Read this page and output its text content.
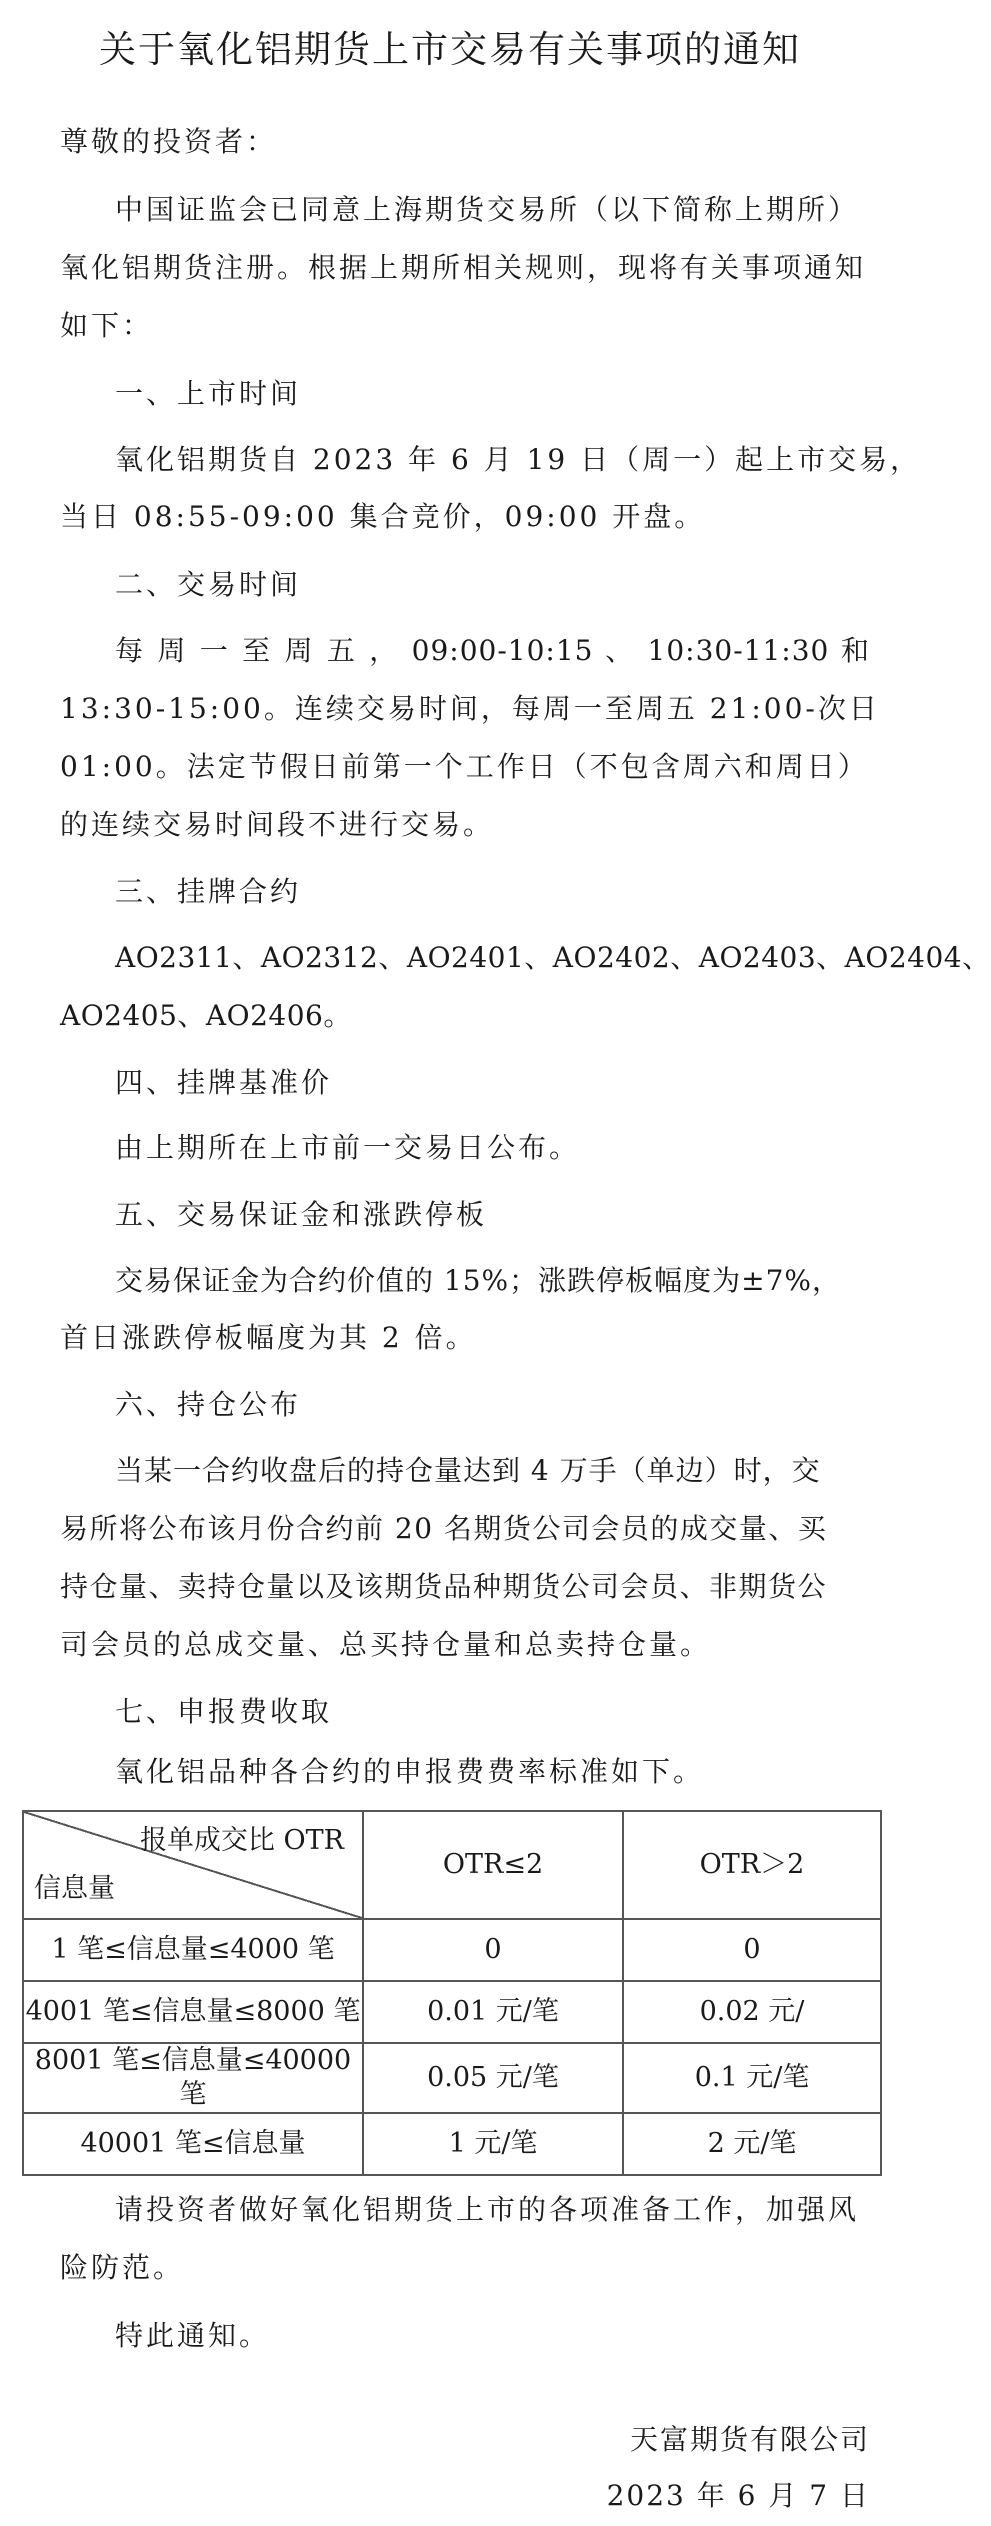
关于氧化铝期货上市交易有关事项的通知
尊敬的投资者：
中国证监会已同意上海期货交易所（以下简称上期所）
氧化铝期货注册。根据上期所相关规则，现将有关事项通知
如下：
一、上市时间
氧化铝期货自 2023 年 6 月 19 日（周一）起上市交易，
当日 08:55-09:00 集合竞价，09:00 开盘。
二、交易时间
每 周 一 至 周 五 ， 09:00-10:15 、 10:30-11:30 和
13:30-15:00。连续交易时间，每周一至周五 21:00-次日
01:00。法定节假日前第一个工作日（不包含周六和周日）
的连续交易时间段不进行交易。
三、挂牌合约
AO2311、AO2312、AO2401、AO2402、AO2403、AO2404、
AO2405、AO2406。
四、挂牌基准价
由上期所在上市前一交易日公布。
五、交易保证金和涨跌停板
交易保证金为合约价值的 15%；涨跌停板幅度为±7%，
首日涨跌停板幅度为其 2 倍。
六、持仓公布
当某一合约收盘后的持仓量达到 4 万手（单边）时，交
易所将公布该月份合约前 20 名期货公司会员的成交量、买
持仓量、卖持仓量以及该期货品种期货公司会员、非期货公
司会员的总成交量、总买持仓量和总卖持仓量。
七、申报费收取
报单成交比 OTR
信息量	OTR≤2	OTR＞2
1 笔≤信息量≤4000 笔	0	0
4001 笔≤信息量≤8000 笔	0.01 元/笔	0.02 元/
8001 笔≤信息量≤40000 笔	0.05 元/笔	0.1 元/笔
40001 笔≤信息量	1 元/笔	2 元/笔
氧化铝品种各合约的申报费费率标准如下。
请投资者做好氧化铝期货上市的各项准备工作，加强风
险防范。
特此通知。
天富期货有限公司
2023 年 6 月 7 日
